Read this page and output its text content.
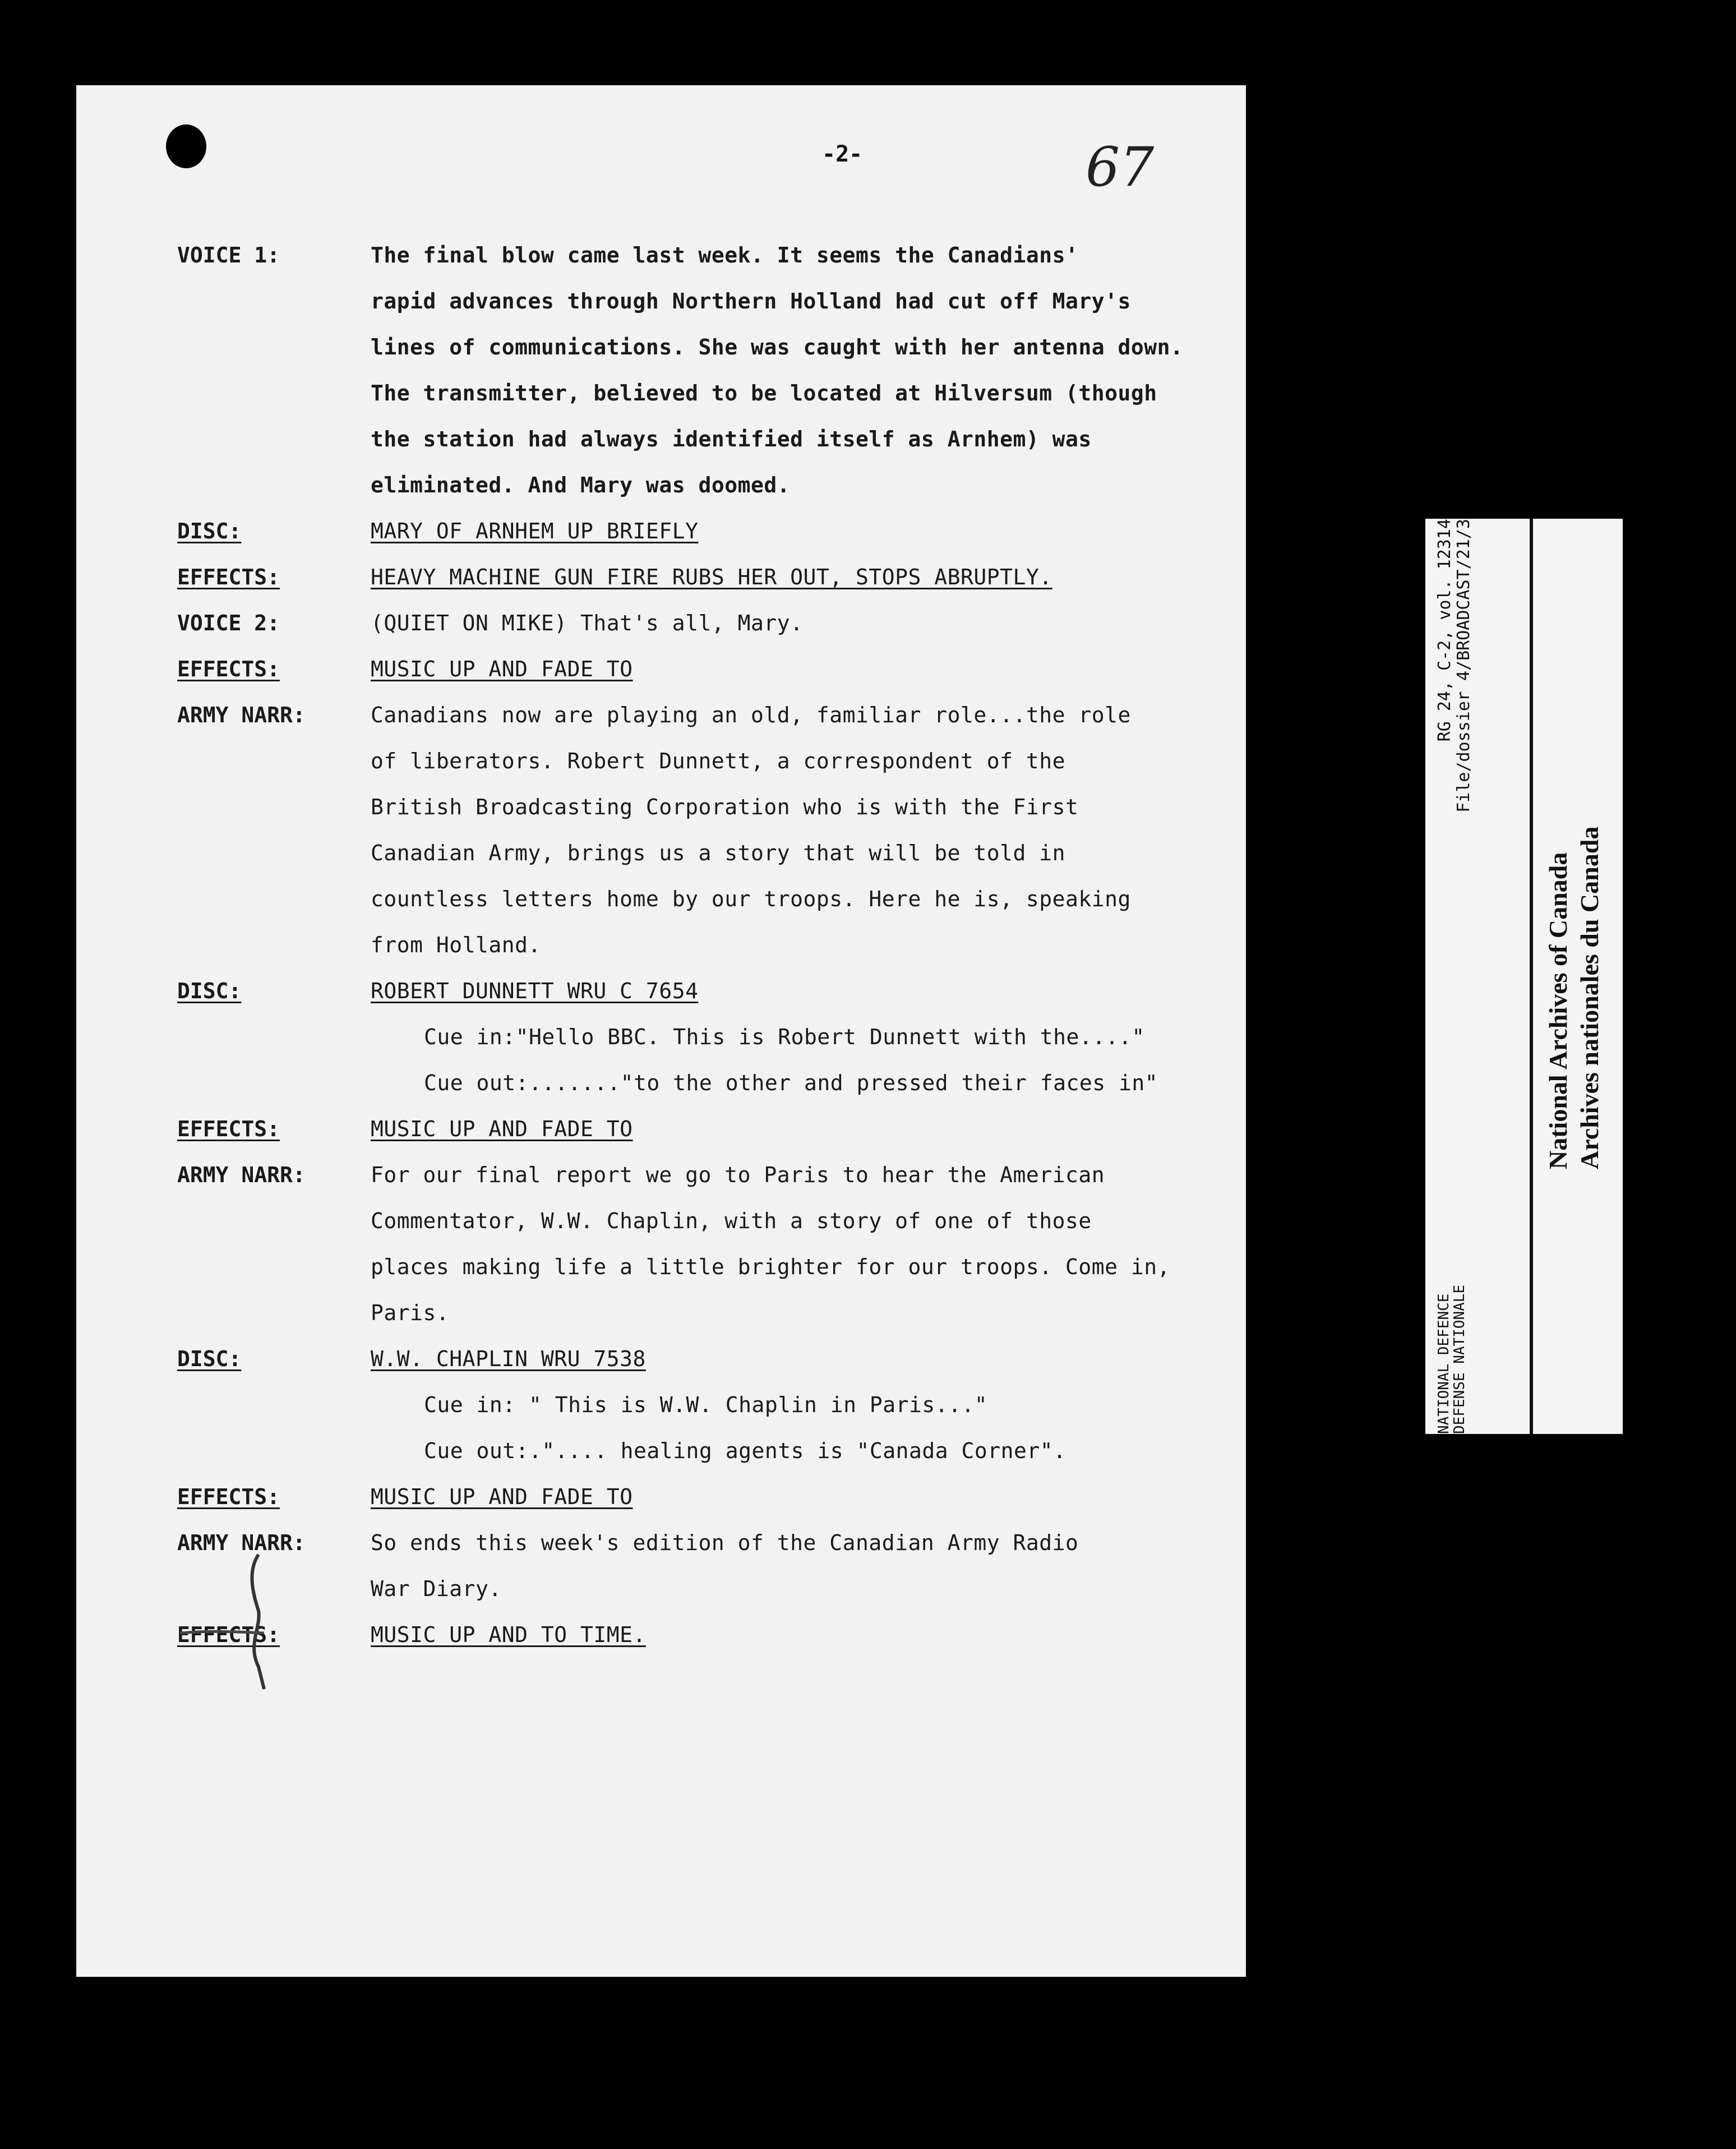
-2-	67
VOICE 1:	The final blow came last week. It seems the Canadians'
rapid advances through Northern Holland had cut off Mary's
lines of communications. She was caught with her antenna down.
The transmitter, believed to be located at Hilversum (though
the station had always identified itself as Arnhem) was
eliminated. And Mary was doomed.
DISC:	MARY OF ARNHEM UP BRIEFLY
EFFECTS:	HEAVY MACHINE GUN FIRE RUBS HER OUT, STOPS ABRUPTLY.
VOICE 2:	(QUIET ON MIKE) That's all, Mary.
EFFECTS:	MUSIC UP AND FADE TO
ARMY NARR:	Canadians now are playing an old, familiar role...the role
of liberators. Robert Dunnett, a correspondent of the
British Broadcasting Corporation who is with the First
Canadian Army, brings us a story that will be told in
countless letters home by our troops. Here he is, speaking
from Holland.
DISC:	ROBERT DUNNETT WRU C 7654
Cue in:"Hello BBC. This is Robert Dunnett with the...."
Cue out:......."to the other and pressed their faces in"
EFFECTS:	MUSIC UP AND FADE TO
ARMY NARR:	For our final report we go to Paris to hear the American
Commentator, W.W. Chaplin, with a story of one of those
places making life a little brighter for our troops. Come in,
Paris.
DISC:	W.W. CHAPLIN WRU 7538
Cue in: " This is W.W. Chaplin in Paris..."
Cue out:.".... healing agents is "Canada Corner".
EFFECTS:	MUSIC UP AND FADE TO
ARMY NARR:	So ends this week's edition of the Canadian Army Radio
War Diary.
EFFECTS:	MUSIC UP AND TO TIME.

RG 24, C-2, vol. 12314

File/dossier 4/BROADCAST/21/3

NATIONAL DEFENCE

DEFENSE NATIONALE

National Archives of Canada

Archives nationales du Canada
